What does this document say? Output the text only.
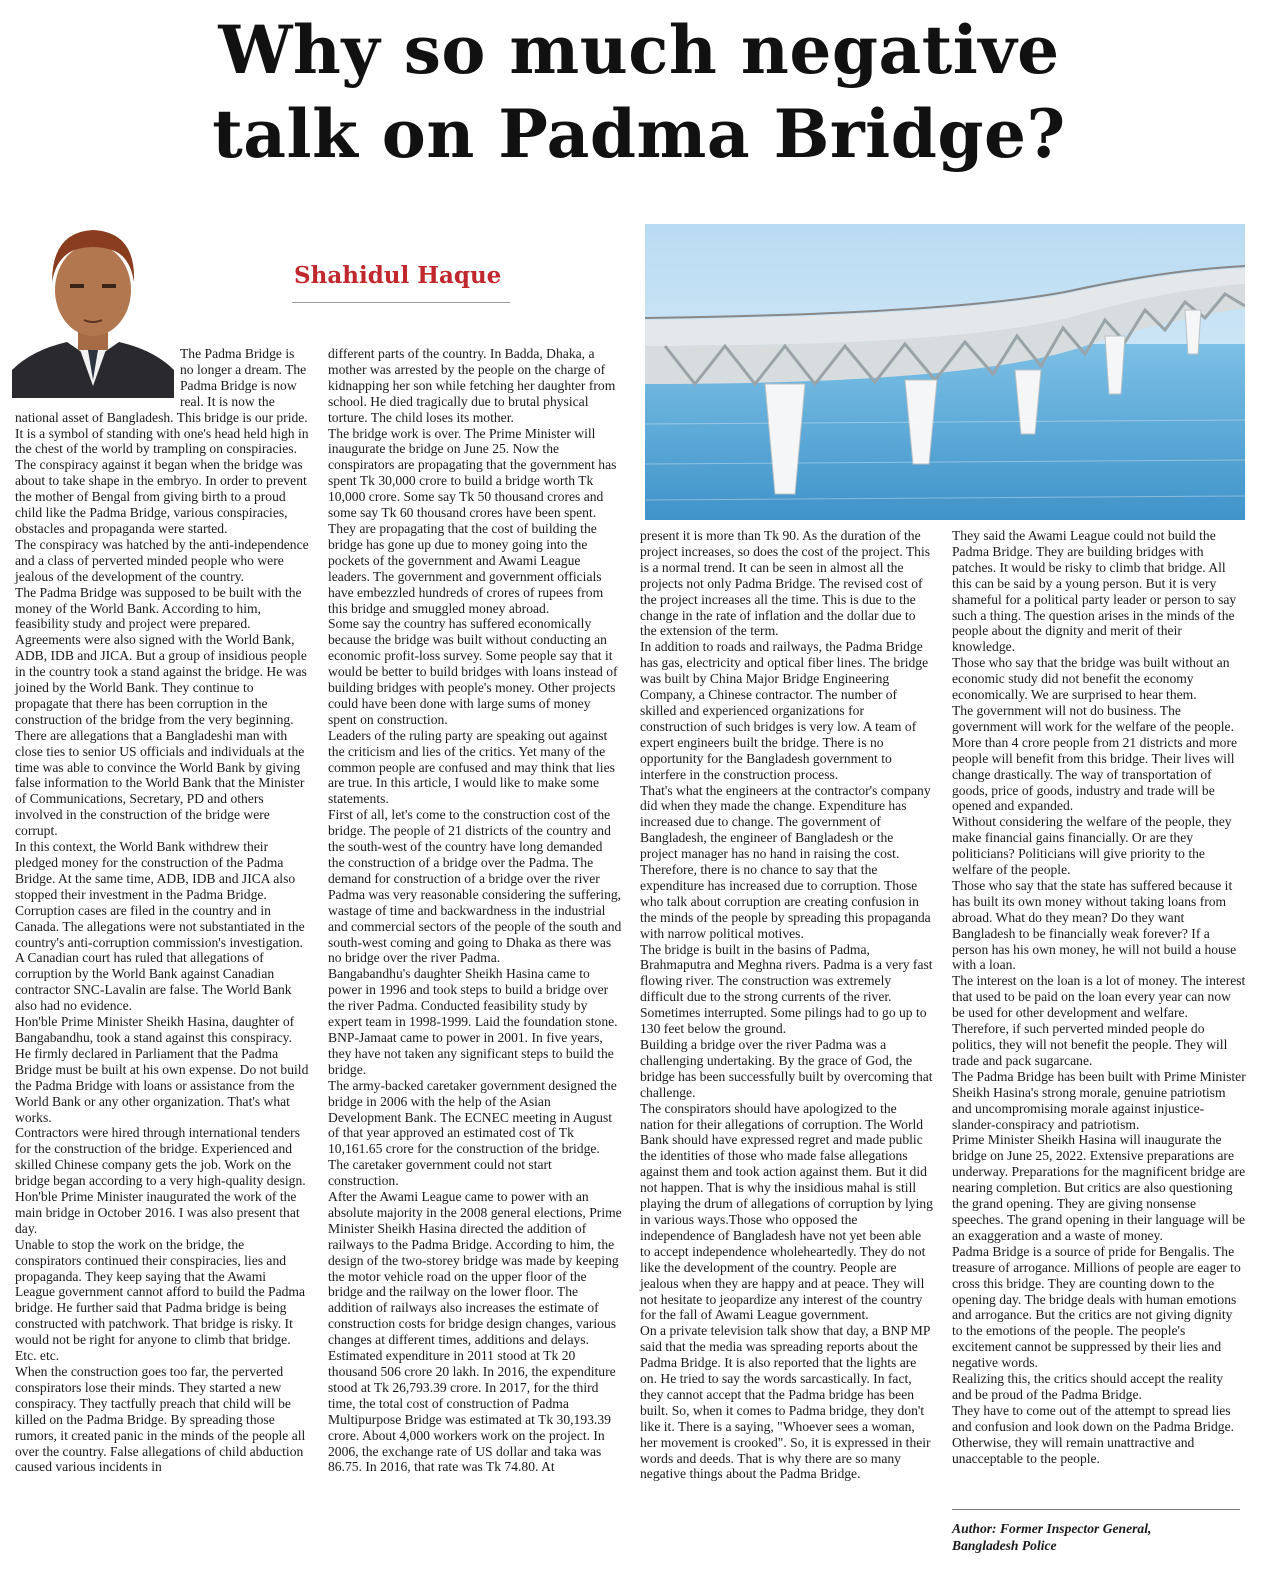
Why so much negative
talk on Padma Bridge?

Shahidul Haque

The Padma Bridge is no longer a dream. The Padma Bridge is now real. It is now the national asset of Bangladesh. This bridge is our pride. It is a symbol of standing with one's head held high in the chest of the world by trampling on conspiracies. The conspiracy against it began when the bridge was about to take shape in the embryo. In order to prevent the mother of Bengal from giving birth to a proud child like the Padma Bridge, various conspiracies, obstacles and propaganda were started.

The conspiracy was hatched by the anti-independence and a class of perverted minded people who were jealous of the development of the country.

The Padma Bridge was supposed to be built with the money of the World Bank. According to him, feasibility study and project were prepared. Agreements were also signed with the World Bank, ADB, IDB and JICA. But a group of insidious people in the country took a stand against the bridge. He was joined by the World Bank. They continue to propagate that there has been corruption in the construction of the bridge from the very beginning.

There are allegations that a Bangladeshi man with close ties to senior US officials and individuals at the time was able to convince the World Bank by giving false information to the World Bank that the Minister of Communications, Secretary, PD and others involved in the construction of the bridge were corrupt.

In this context, the World Bank withdrew their pledged money for the construction of the Padma Bridge. At the same time, ADB, IDB and JICA also stopped their investment in the Padma Bridge. Corruption cases are filed in the country and in Canada. The allegations were not substantiated in the country's anti-corruption commission's investigation. A Canadian court has ruled that allegations of corruption by the World Bank against Canadian contractor SNC-Lavalin are false. The World Bank also had no evidence.

Hon'ble Prime Minister Sheikh Hasina, daughter of Bangabandhu, took a stand against this conspiracy. He firmly declared in Parliament that the Padma Bridge must be built at his own expense. Do not build the Padma Bridge with loans or assistance from the World Bank or any other organization. That's what works.

Contractors were hired through international tenders for the construction of the bridge. Experienced and skilled Chinese company gets the job. Work on the bridge began according to a very high-quality design.

Hon'ble Prime Minister inaugurated the work of the main bridge in October 2016. I was also present that day.

Unable to stop the work on the bridge, the conspirators continued their conspiracies, lies and propaganda. They keep saying that the Awami League government cannot afford to build the Padma bridge. He further said that Padma bridge is being constructed with patchwork. That bridge is risky. It would not be right for anyone to climb that bridge. Etc. etc.

When the construction goes too far, the perverted conspirators lose their minds. They started a new conspiracy. They tactfully preach that child will be killed on the Padma Bridge. By spreading those rumors, it created panic in the minds of the people all over the country. False allegations of child abduction caused various incidents in

different parts of the country. In Badda, Dhaka, a mother was arrested by the people on the charge of kidnapping her son while fetching her daughter from school. He died tragically due to brutal physical torture. The child loses its mother.

The bridge work is over. The Prime Minister will inaugurate the bridge on June 25. Now the conspirators are propagating that the government has spent Tk 30,000 crore to build a bridge worth Tk 10,000 crore. Some say Tk 50 thousand crores and some say Tk 60 thousand crores have been spent. They are propagating that the cost of building the bridge has gone up due to money going into the pockets of the government and Awami League leaders. The government and government officials have embezzled hundreds of crores of rupees from this bridge and smuggled money abroad.

Some say the country has suffered economically because the bridge was built without conducting an economic profit-loss survey. Some people say that it would be better to build bridges with loans instead of building bridges with people's money. Other projects could have been done with large sums of money spent on construction.

Leaders of the ruling party are speaking out against the criticism and lies of the critics. Yet many of the common people are confused and may think that lies are true. In this article, I would like to make some statements.

First of all, let's come to the construction cost of the bridge. The people of 21 districts of the country and the south-west of the country have long demanded the construction of a bridge over the Padma. The demand for construction of a bridge over the river Padma was very reasonable considering the suffering, wastage of time and backwardness in the industrial and commercial sectors of the people of the south and south-west coming and going to Dhaka as there was no bridge over the river Padma.

Bangabandhu's daughter Sheikh Hasina came to power in 1996 and took steps to build a bridge over the river Padma. Conducted feasibility study by expert team in 1998-1999. Laid the foundation stone. BNP-Jamaat came to power in 2001. In five years, they have not taken any significant steps to build the bridge.

The army-backed caretaker government designed the bridge in 2006 with the help of the Asian Development Bank. The ECNEC meeting in August of that year approved an estimated cost of Tk 10,161.65 crore for the construction of the bridge. The caretaker government could not start construction.

After the Awami League came to power with an absolute majority in the 2008 general elections, Prime Minister Sheikh Hasina directed the addition of railways to the Padma Bridge. According to him, the design of the two-storey bridge was made by keeping the motor vehicle road on the upper floor of the bridge and the railway on the lower floor. The addition of railways also increases the estimate of construction costs for bridge design changes, various changes at different times, additions and delays. Estimated expenditure in 2011 stood at Tk 20 thousand 506 crore 20 lakh. In 2016, the expenditure stood at Tk 26,793.39 crore. In 2017, for the third time, the total cost of construction of Padma Multipurpose Bridge was estimated at Tk 30,193.39 crore. About 4,000 workers work on the project. In 2006, the exchange rate of US dollar and taka was 86.75. In 2016, that rate was Tk 74.80. At

present it is more than Tk 90. As the duration of the project increases, so does the cost of the project. This is a normal trend. It can be seen in almost all the projects not only Padma Bridge. The revised cost of the project increases all the time. This is due to the change in the rate of inflation and the dollar due to the extension of the term.

In addition to roads and railways, the Padma Bridge has gas, electricity and optical fiber lines. The bridge was built by China Major Bridge Engineering Company, a Chinese contractor. The number of skilled and experienced organizations for construction of such bridges is very low. A team of expert engineers built the bridge. There is no opportunity for the Bangladesh government to interfere in the construction process.

That's what the engineers at the contractor's company did when they made the change. Expenditure has increased due to change. The government of Bangladesh, the engineer of Bangladesh or the project manager has no hand in raising the cost. Therefore, there is no chance to say that the expenditure has increased due to corruption. Those who talk about corruption are creating confusion in the minds of the people by spreading this propaganda with narrow political motives.

The bridge is built in the basins of Padma, Brahmaputra and Meghna rivers. Padma is a very fast flowing river. The construction was extremely difficult due to the strong currents of the river. Sometimes interrupted. Some pilings had to go up to 130 feet below the ground.

Building a bridge over the river Padma was a challenging undertaking. By the grace of God, the bridge has been successfully built by overcoming that challenge.

The conspirators should have apologized to the nation for their allegations of corruption. The World Bank should have expressed regret and made public the identities of those who made false allegations against them and took action against them. But it did not happen. That is why the insidious mahal is still playing the drum of allegations of corruption by lying in various ways.Those who opposed the independence of Bangladesh have not yet been able to accept independence wholeheartedly. They do not like the development of the country. People are jealous when they are happy and at peace. They will not hesitate to jeopardize any interest of the country for the fall of Awami League government.

On a private television talk show that day, a BNP MP said that the media was spreading reports about the Padma Bridge. It is also reported that the lights are on. He tried to say the words sarcastically. In fact, they cannot accept that the Padma bridge has been built. So, when it comes to Padma bridge, they don't like it. There is a saying, "Whoever sees a woman, her movement is crooked". So, it is expressed in their words and deeds. That is why there are so many negative things about the Padma Bridge.

They said the Awami League could not build the Padma Bridge. They are building bridges with patches. It would be risky to climb that bridge. All this can be said by a young person. But it is very shameful for a political party leader or person to say such a thing. The question arises in the minds of the people about the dignity and merit of their knowledge.

Those who say that the bridge was built without an economic study did not benefit the economy economically. We are surprised to hear them.

The government will not do business. The government will work for the welfare of the people. More than 4 crore people from 21 districts and more people will benefit from this bridge. Their lives will change drastically. The way of transportation of goods, price of goods, industry and trade will be opened and expanded.

Without considering the welfare of the people, they make financial gains financially. Or are they politicians? Politicians will give priority to the welfare of the people.

Those who say that the state has suffered because it has built its own money without taking loans from abroad. What do they mean? Do they want Bangladesh to be financially weak forever? If a person has his own money, he will not build a house with a loan.

The interest on the loan is a lot of money. The interest that used to be paid on the loan every year can now be used for other development and welfare. Therefore, if such perverted minded people do politics, they will not benefit the people. They will trade and pack sugarcane.

The Padma Bridge has been built with Prime Minister Sheikh Hasina's strong morale, genuine patriotism and uncompromising morale against injustice-slander-conspiracy and patriotism.

Prime Minister Sheikh Hasina will inaugurate the bridge on June 25, 2022. Extensive preparations are underway. Preparations for the magnificent bridge are nearing completion. But critics are also questioning the grand opening. They are giving nonsense speeches. The grand opening in their language will be an exaggeration and a waste of money.

Padma Bridge is a source of pride for Bengalis. The treasure of arrogance. Millions of people are eager to cross this bridge. They are counting down to the opening day. The bridge deals with human emotions and arrogance. But the critics are not giving dignity to the emotions of the people. The people's excitement cannot be suppressed by their lies and negative words.

Realizing this, the critics should accept the reality and be proud of the Padma Bridge.

They have to come out of the attempt to spread lies and confusion and look down on the Padma Bridge. Otherwise, they will remain unattractive and unacceptable to the people.

Author: Former Inspector General,

Bangladesh Police
